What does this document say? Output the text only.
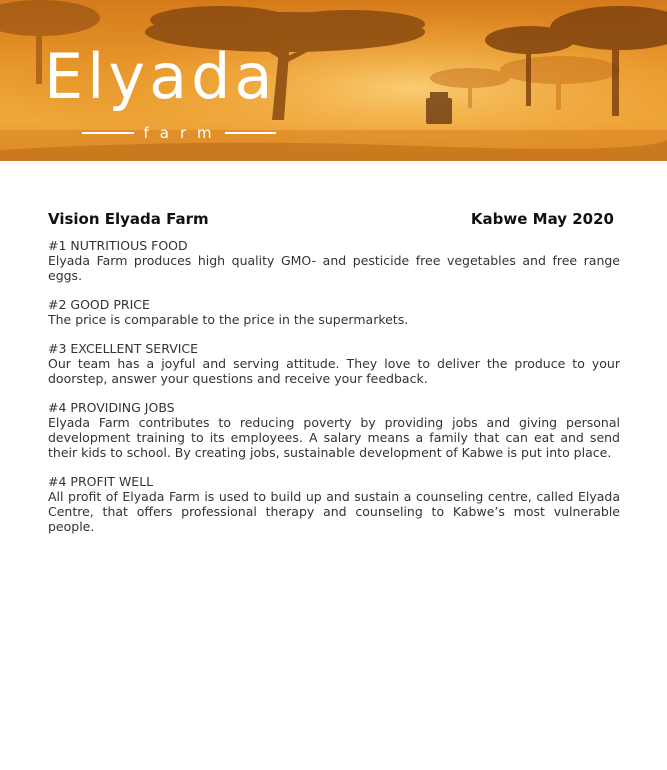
Elyada
farm
Vision Elyada Farm	Kabwe May 2020
#1 NUTRITIOUS FOOD
Elyada Farm produces high quality GMO- and pesticide free vegetables and free range eggs.
#2 GOOD PRICE
The price is comparable to the price in the supermarkets.
#3 EXCELLENT SERVICE
Our team has a joyful and serving attitude. They love to deliver the produce to your doorstep, answer your questions and receive your feedback.
#4 PROVIDING JOBS
Elyada Farm contributes to reducing poverty by providing jobs and giving personal development training to its employees. A salary means a family that can eat and send their kids to school. By creating jobs, sustainable development of Kabwe is put into place.
#4 PROFIT WELL
All profit of Elyada Farm is used to build up and sustain a counseling centre, called Elyada Centre, that offers professional therapy and counseling to Kabwe’s most vulnerable people.
